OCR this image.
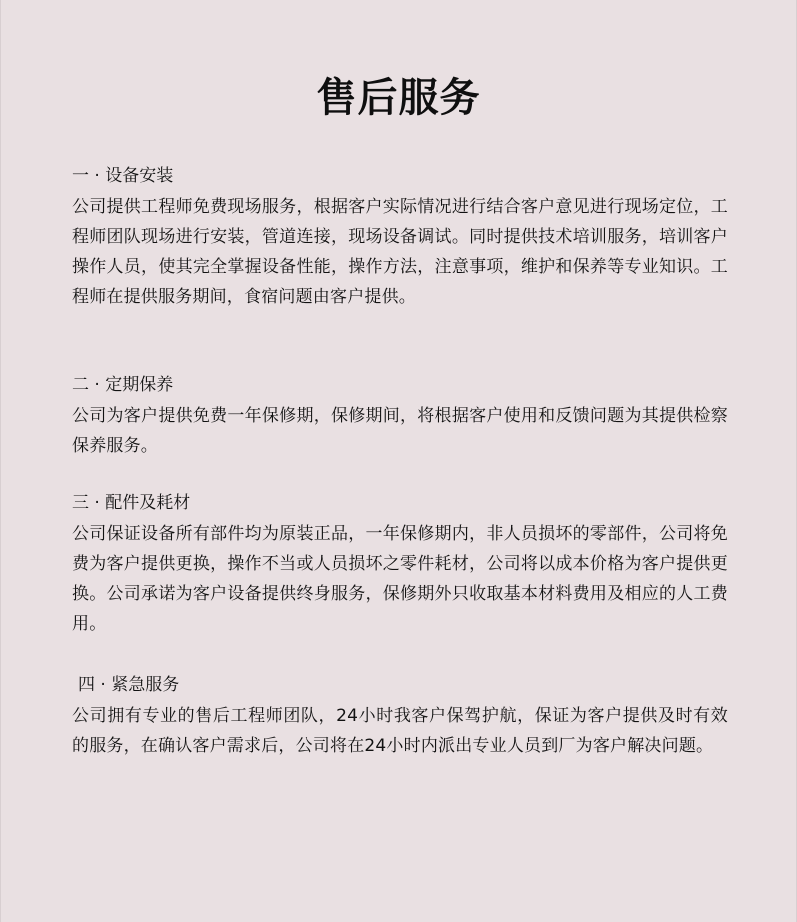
售后服务
一 · 设备安装
公司提供工程师免费现场服务，根据客户实际情况进行结合客户意见进行现场定位，工程师团队现场进行安装，管道连接，现场设备调试。同时提供技术培训服务，培训客户操作人员，使其完全掌握设备性能，操作方法，注意事项，维护和保养等专业知识。工程师在提供服务期间，食宿问题由客户提供。
二 · 定期保养
公司为客户提供免费一年保修期，保修期间，将根据客户使用和反馈问题为其提供检察保养服务。
三 · 配件及耗材
公司保证设备所有部件均为原装正品，一年保修期内，非人员损坏的零部件，公司将免费为客户提供更换，操作不当或人员损坏之零件耗材，公司将以成本价格为客户提供更换。公司承诺为客户设备提供终身服务，保修期外只收取基本材料费用及相应的人工费用。
四 · 紧急服务
公司拥有专业的售后工程师团队，24小时我客户保驾护航，保证为客户提供及时有效的服务，在确认客户需求后，公司将在24小时内派出专业人员到厂为客户解决问题。
